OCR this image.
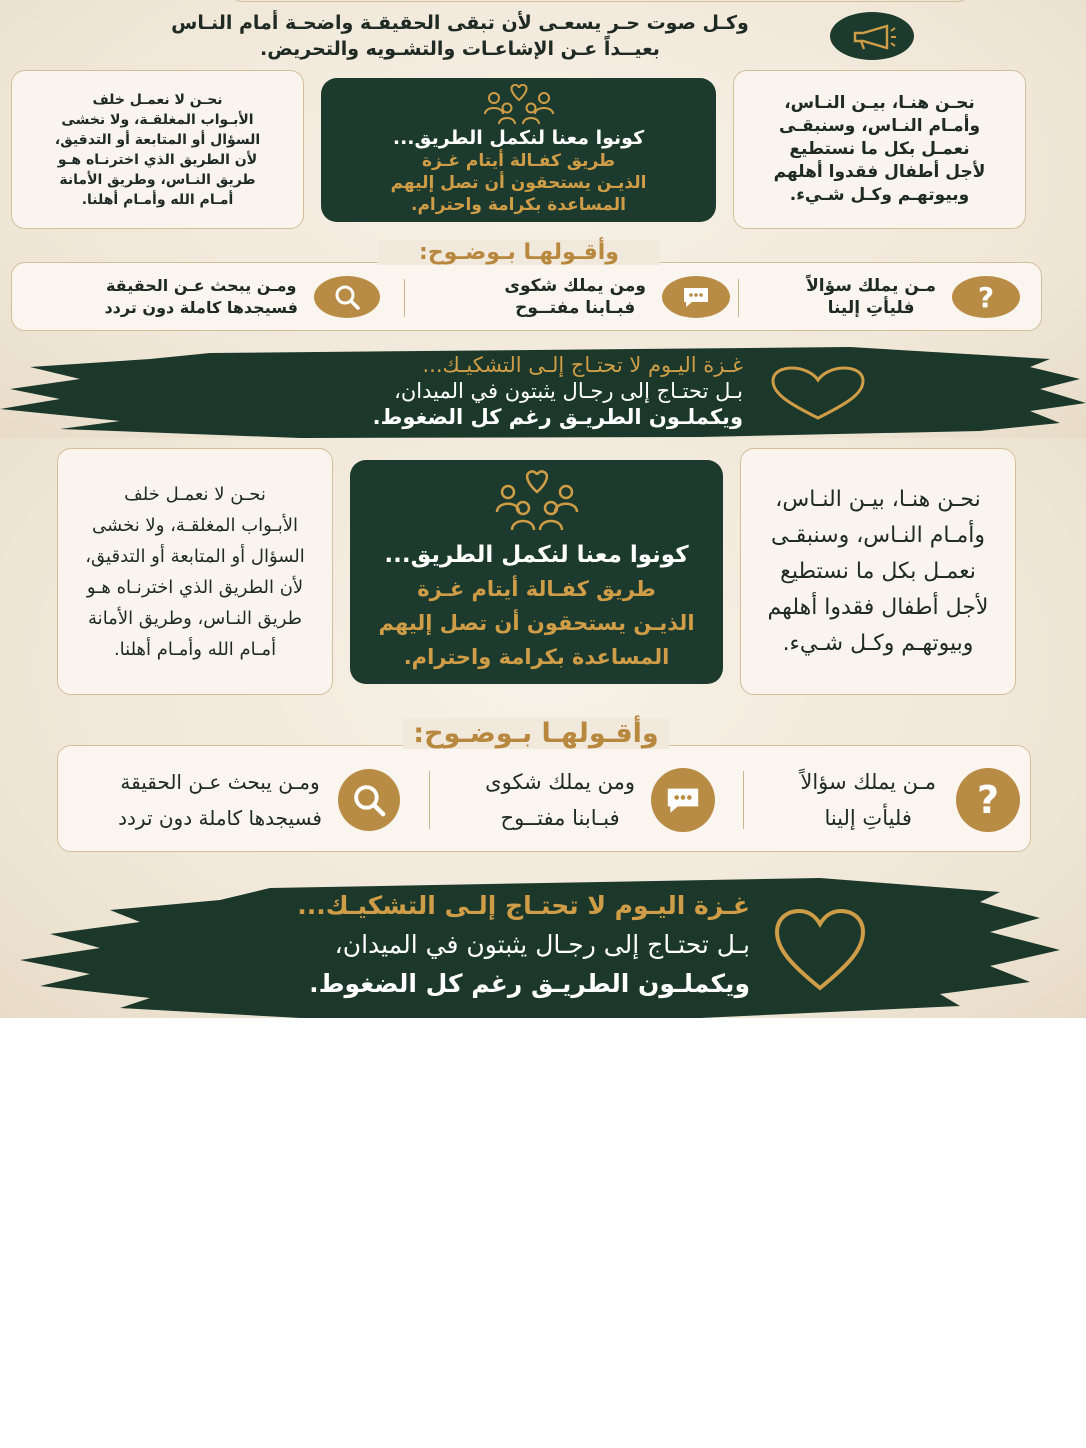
وكـل صوت حـر يسعـى لأن تبقى الحقيقـة واضحـة أمام النـاس
بعيــداً عـن الإشاعـات والتشـويه والتحريض.
نحـن هنـا، بيـن النـاس،
وأمـام النـاس، وسنبقـى
نعمـل بكل ما نستطيع
لأجل أطفال فقدوا أهلهم
وبيوتهـم وكـل شـيء.
كونوا معنا لنكمل الطريق...
طريق كفـالة أيتام غـزة
الذيـن يستحقون أن تصل إليهم
المساعدة بكرامة واحترام.
نحـن لا نعمـل خلف
الأبـواب المغلقـة، ولا نخشى
السؤال أو المتابعة أو التدقيق،
لأن الطريق الذي اخترنـاه هـو
طريق النـاس، وطريق الأمانة
أمـام الله وأمـام أهلنا.
وأقـولهـا بـوضـوح:
?
مـن يملك سؤالاً
فليأتِ إلينا
ومن يملك شكوى
فبـابنا مفتــوح
ومـن يبحث عـن الحقيقة
فسيجدها كاملة دون تردد
غـزة اليـوم لا تحتـاج إلـى التشكيـك...
بـل تحتـاج إلى رجـال يثبتون في الميدان،
ويكملـون الطريـق رغم كل الضغوط.
نحـن هنـا، بيـن النـاس،
وأمـام النـاس، وسنبقـى
نعمـل بكل ما نستطيع
لأجل أطفال فقدوا أهلهم
وبيوتهـم وكـل شـيء.
كونوا معنا لنكمل الطريق...
طريق كفـالة أيتام غـزة
الذيـن يستحقون أن تصل إليهم
المساعدة بكرامة واحترام.
نحـن لا نعمـل خلف
الأبـواب المغلقـة، ولا نخشى
السؤال أو المتابعة أو التدقيق،
لأن الطريق الذي اخترنـاه هـو
طريق النـاس، وطريق الأمانة
أمـام الله وأمـام أهلنا.
وأقـولهـا بـوضـوح:
?
مـن يملك سؤالاً
فليأتِ إلينا
ومن يملك شكوى
فبـابنا مفتــوح
ومـن يبحث عـن الحقيقة
فسيجدها كاملة دون تردد
غـزة اليـوم لا تحتـاج إلـى التشكيـك...
بـل تحتـاج إلى رجـال يثبتون في الميدان،
ويكملـون الطريـق رغم كل الضغوط.
